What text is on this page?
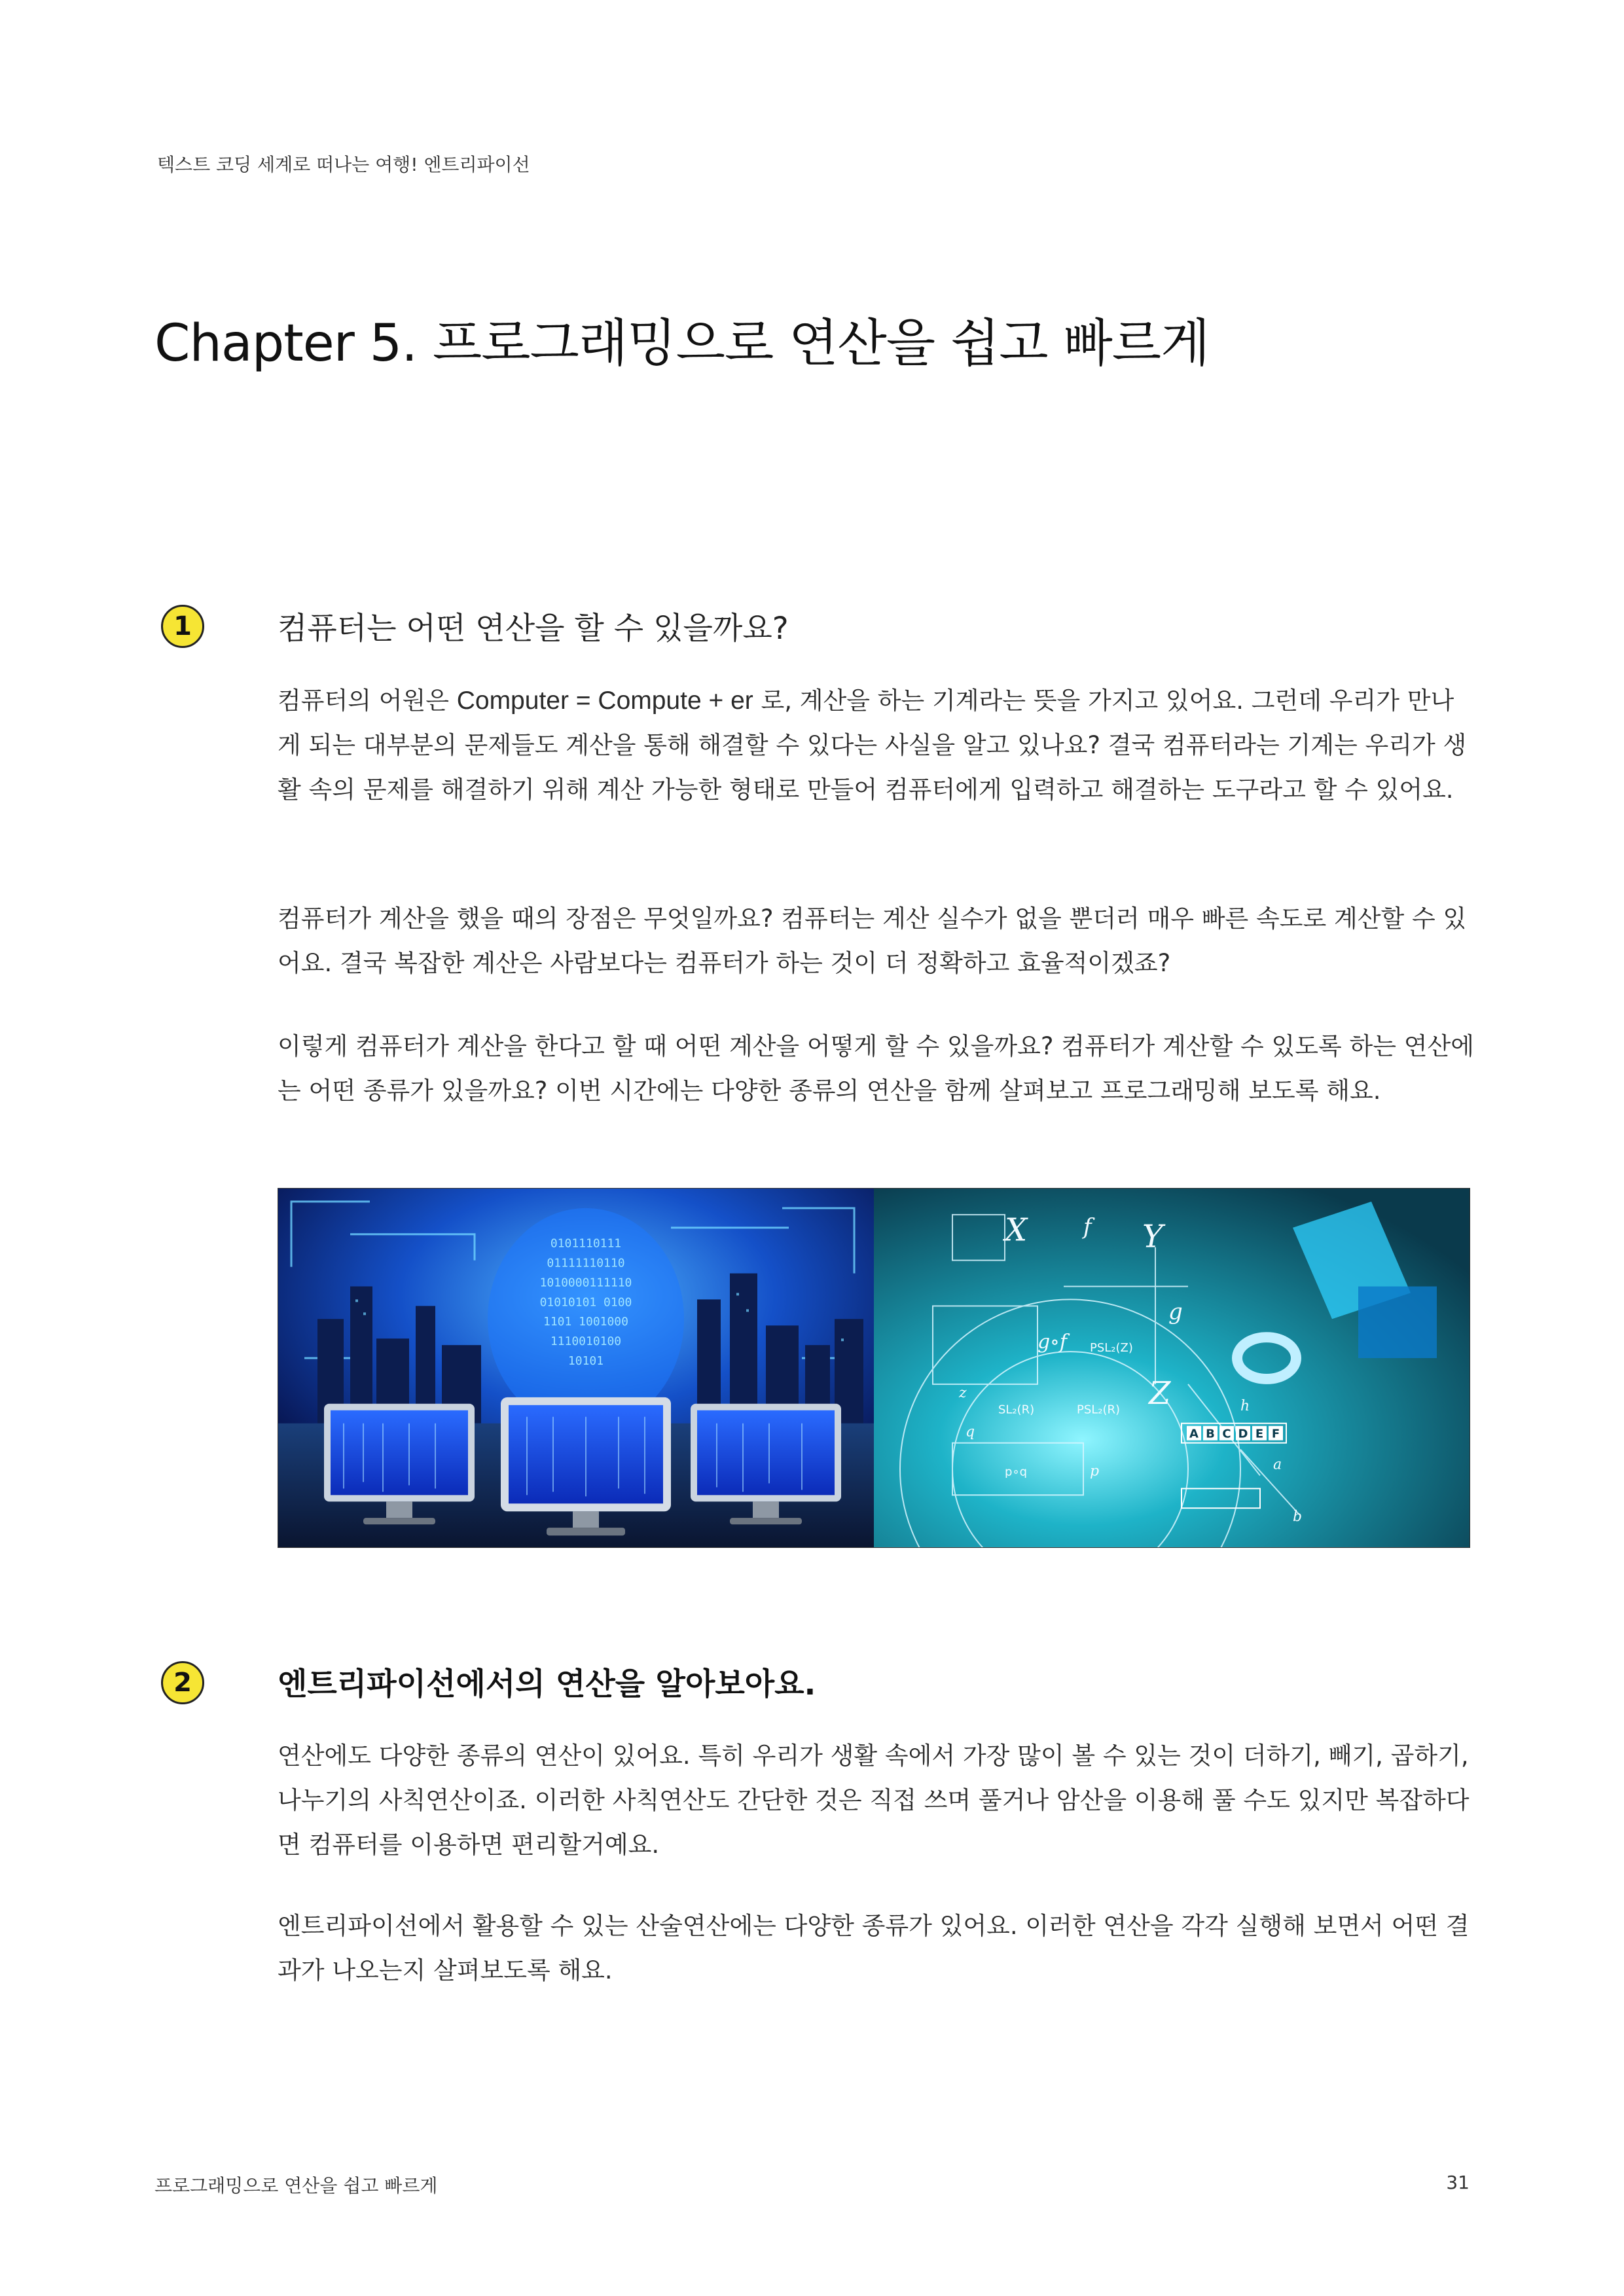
텍스트 코딩 세계로 떠나는 여행! 엔트리파이선
Chapter 5. 프로그래밍으로 연산을 쉽고 빠르게
1	컴퓨터는 어떤 연산을 할 수 있을까요?

컴퓨터의 어원은 Computer = Compute + er 로, 계산을 하는 기계라는 뜻을 가지고 있어요. 그런데 우리가 만나게 되는 대부분의 문제들도 계산을 통해 해결할 수 있다는 사실을 알고 있나요? 결국 컴퓨터라는 기계는 우리가 생활 속의 문제를 해결하기 위해 계산 가능한 형태로 만들어 컴퓨터에게 입력하고 해결하는 도구라고 할 수 있어요.

컴퓨터가 계산을 했을 때의 장점은 무엇일까요? 컴퓨터는 계산 실수가 없을 뿐더러 매우 빠른 속도로 계산할 수 있어요. 결국 복잡한 계산은 사람보다는 컴퓨터가 하는 것이 더 정확하고 효율적이겠죠?

이렇게 컴퓨터가 계산을 한다고 할 때 어떤 계산을 어떻게 할 수 있을까요? 컴퓨터가 계산할 수 있도록 하는 연산에는 어떤 종류가 있을까요? 이번 시간에는 다양한 종류의 연산을 함께 살펴보고 프로그래밍해 보도록 해요.

0101110111
01111110110
1010000111110
01010101 0100
1101 1001000
1110010100
10101
X	f Y
g
Z
g∘f
z
q
p
h
a
b
PSL₂(Z)
SL₂(R)	PSL₂(R)
p∘q
A B C D E F
2	엔트리파이선에서의 연산을 알아보아요.

연산에도 다양한 종류의 연산이 있어요. 특히 우리가 생활 속에서 가장 많이 볼 수 있는 것이 더하기, 빼기, 곱하기, 나누기의 사칙연산이죠. 이러한 사칙연산도 간단한 것은 직접 쓰며 풀거나 암산을 이용해 풀 수도 있지만 복잡하다면 컴퓨터를 이용하면 편리할거예요.

엔트리파이선에서 활용할 수 있는 산술연산에는 다양한 종류가 있어요. 이러한 연산을 각각 실행해 보면서 어떤 결과가 나오는지 살펴보도록 해요.

프로그래밍으로 연산을 쉽고 빠르게	31
